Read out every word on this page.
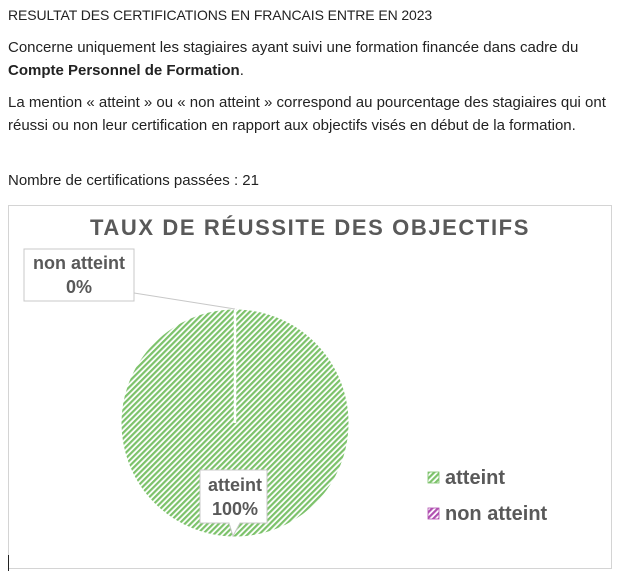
RESULTAT DES CERTIFICATIONS EN FRANCAIS ENTRE EN 2023
Concerne uniquement les stagiaires ayant suivi une formation financée dans cadre du Compte Personnel de Formation.
La mention « atteint » ou « non atteint » correspond au pourcentage des stagiaires qui ont réussi ou non leur certification en rapport aux objectifs visés en début de la formation.
Nombre de certifications passées : 21
TAUX DE RÉUSSITE DES OBJECTIFS
non atteint
0%
atteint
100%
atteint
non atteint
